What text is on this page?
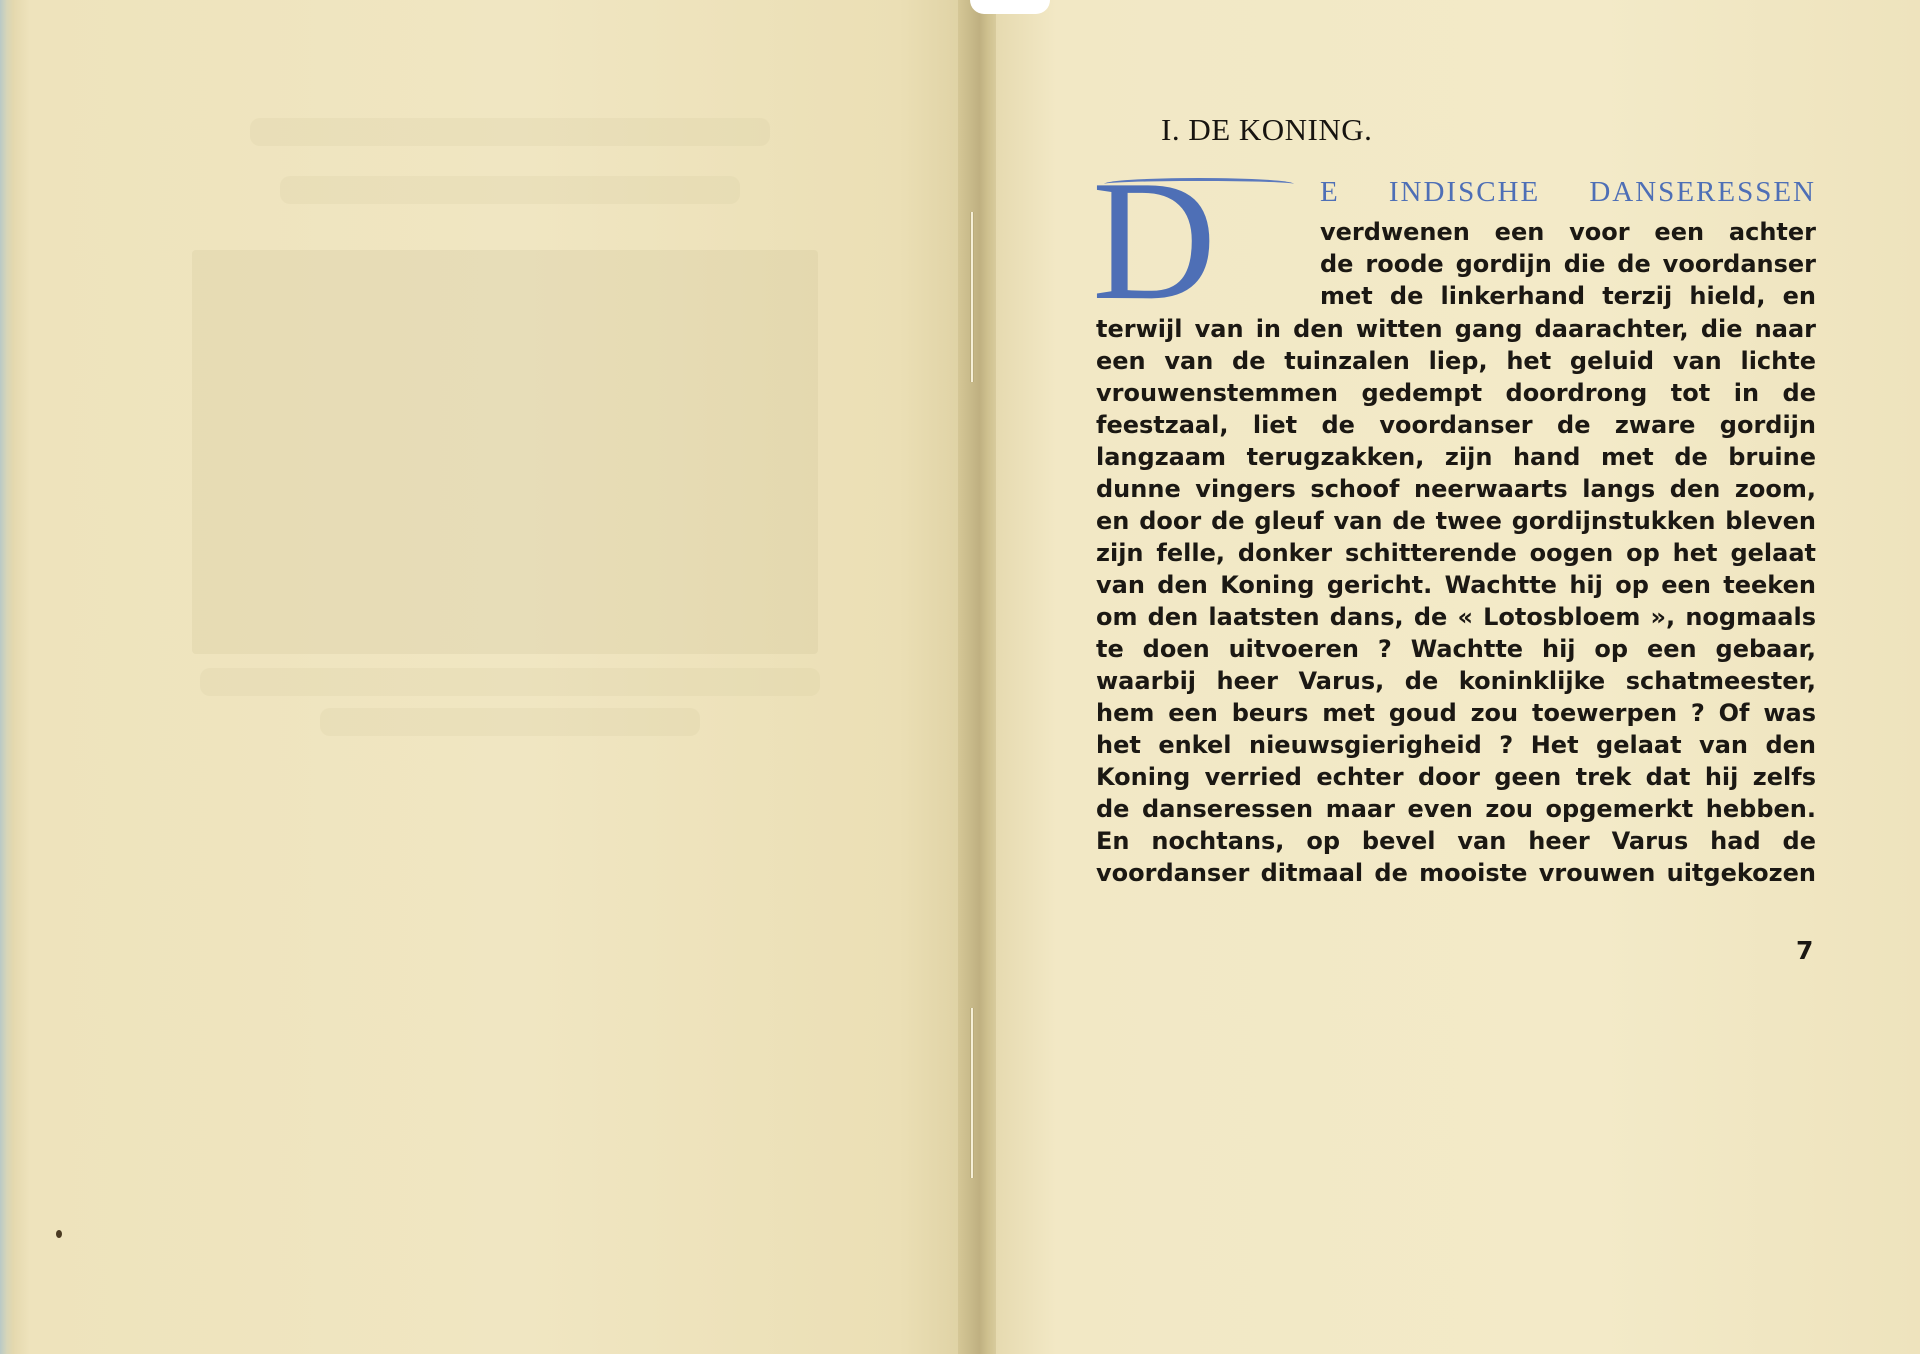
I. DE KONING.
D	E INDISCHE DANSERESSEN
verdwenen een voor een achter
de roode gordijn die de voordanser
met de linkerhand terzij hield, en
terwijl van in den witten gang daarachter, die naar
een van de tuinzalen liep, het geluid van lichte
vrouwenstemmen gedempt doordrong tot in de
feestzaal, liet de voordanser de zware gordijn
langzaam terugzakken, zijn hand met de bruine
dunne vingers schoof neerwaarts langs den zoom,
en door de gleuf van de twee gordijnstukken bleven
zijn felle, donker schitterende oogen op het gelaat
van den Koning gericht. Wachtte hij op een teeken
om den laatsten dans, de « Lotosbloem », nogmaals
te doen uitvoeren ? Wachtte hij op een gebaar,
waarbij heer Varus, de koninklijke schatmeester,
hem een beurs met goud zou toewerpen ? Of was
het enkel nieuwsgierigheid ? Het gelaat van den
Koning verried echter door geen trek dat hij zelfs
de danseressen maar even zou opgemerkt hebben.
En nochtans, op bevel van heer Varus had de
voordanser ditmaal de mooiste vrouwen uitgekozen
7
